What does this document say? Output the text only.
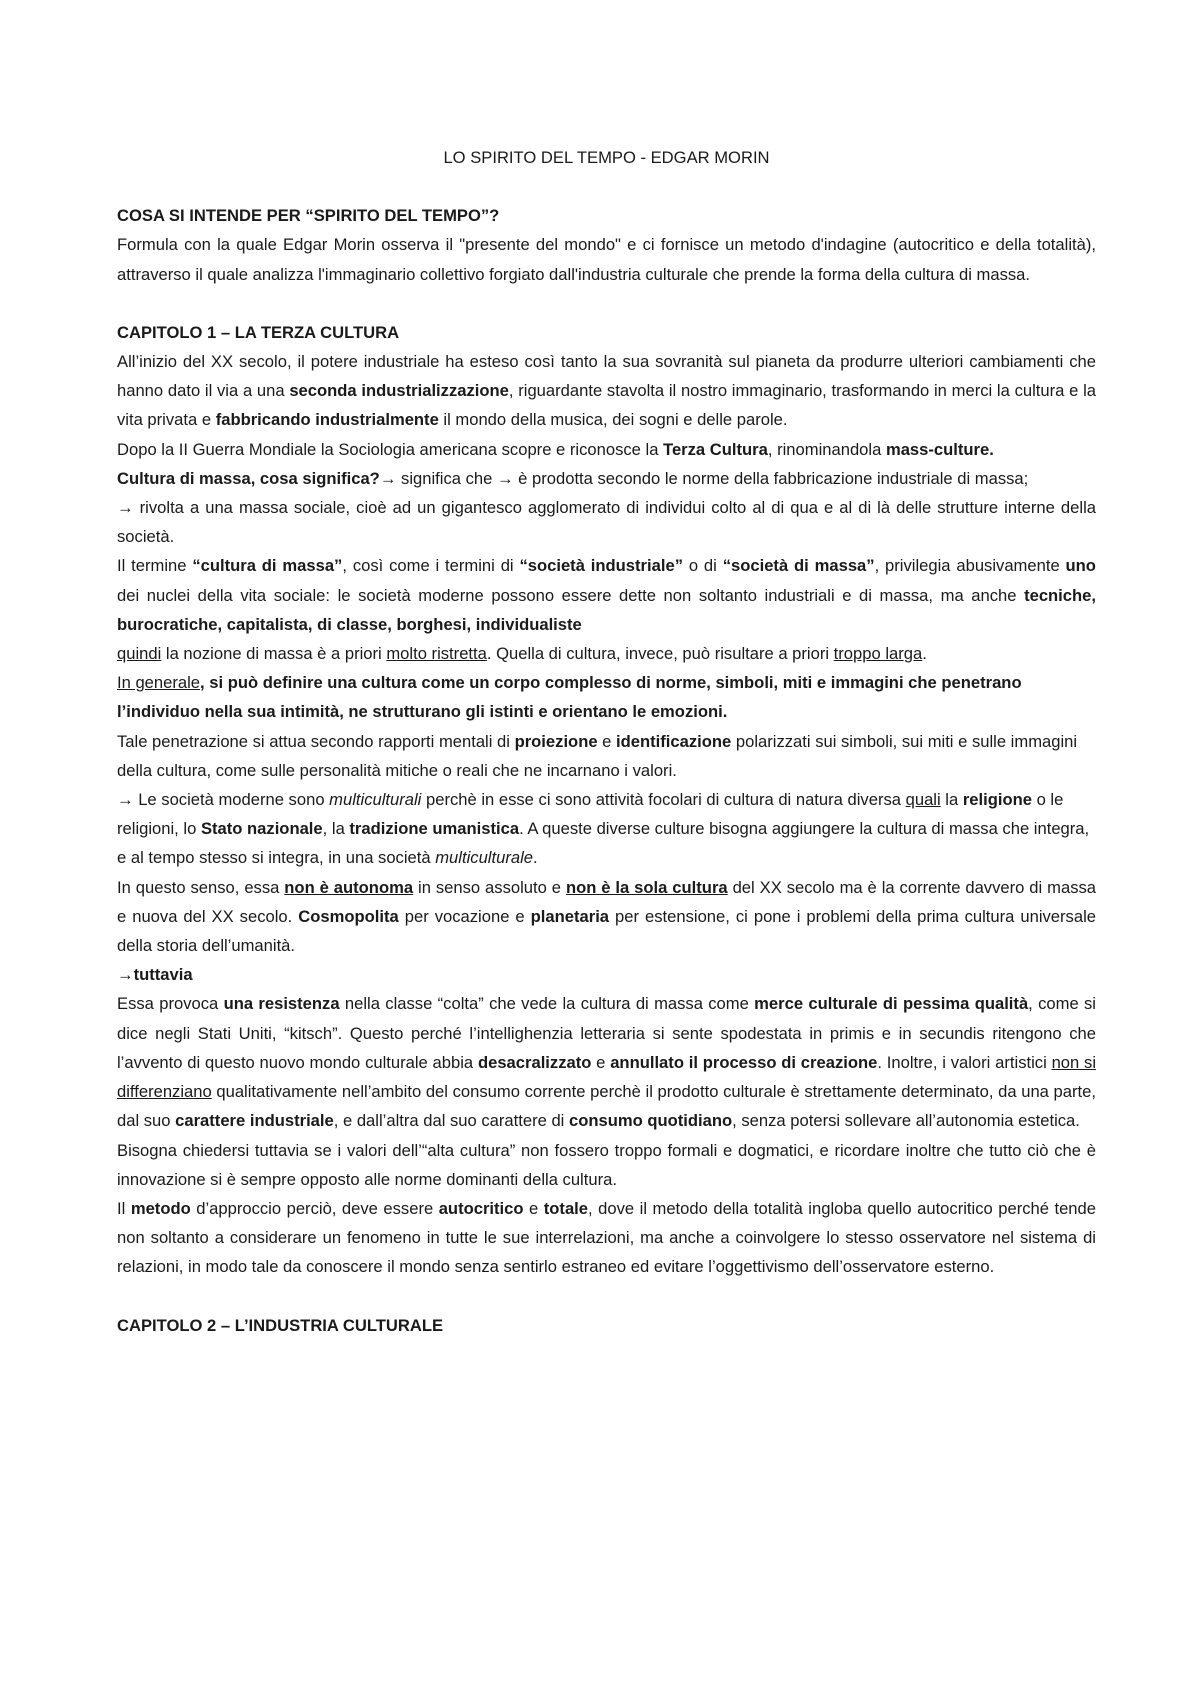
LO SPIRITO DEL TEMPO - EDGAR MORIN

COSA SI INTENDE PER “SPIRITO DEL TEMPO”?

Formula con la quale Edgar Morin osserva il "presente del mondo" e ci fornisce un metodo d'indagine (autocritico e della totalità), attraverso il quale analizza l'immaginario collettivo forgiato dall'industria culturale che prende la forma della cultura di massa.

CAPITOLO 1 – LA TERZA CULTURA

All’inizio del XX secolo, il potere industriale ha esteso così tanto la sua sovranità sul pianeta da produrre ulteriori cambiamenti che hanno dato il via a una seconda industrializzazione, riguardante stavolta il nostro immaginario, trasformando in merci la cultura e la vita privata e fabbricando industrialmente il mondo della musica, dei sogni e delle parole.

Dopo la II Guerra Mondiale la Sociologia americana scopre e riconosce la Terza Cultura, rinominandola mass-culture.

Cultura di massa, cosa significa?→ significa che → è prodotta secondo le norme della fabbricazione industriale di massa;

→ rivolta a una massa sociale, cioè ad un gigantesco agglomerato di individui colto al di qua e al di là delle strutture interne della società.

Il termine “cultura di massa”, così come i termini di “società industriale” o di “società di massa”, privilegia abusivamente uno dei nuclei della vita sociale: le società moderne possono essere dette non soltanto industriali e di massa, ma anche tecniche, burocratiche, capitalista, di classe, borghesi, individualiste
quindi la nozione di massa è a priori molto ristretta. Quella di cultura, invece, può risultare a priori troppo larga.

In generale, si può definire una cultura come un corpo complesso di norme, simboli, miti e immagini che penetrano l’individuo nella sua intimità, ne strutturano gli istinti e orientano le emozioni.

Tale penetrazione si attua secondo rapporti mentali di proiezione e identificazione polarizzati sui simboli, sui miti e sulle immagini della cultura, come sulle personalità mitiche o reali che ne incarnano i valori.

→ Le società moderne sono multiculturali perchè in esse ci sono attività focolari di cultura di natura diversa quali la religione o le religioni, lo Stato nazionale, la tradizione umanistica. A queste diverse culture bisogna aggiungere la cultura di massa che integra, e al tempo stesso si integra, in una società multiculturale.

In questo senso, essa non è autonoma in senso assoluto e non è la sola cultura del XX secolo ma è la corrente davvero di massa e nuova del XX secolo. Cosmopolita per vocazione e planetaria per estensione, ci pone i problemi della prima cultura universale della storia dell’umanità.

→tuttavia

Essa provoca una resistenza nella classe “colta” che vede la cultura di massa come merce culturale di pessima qualità, come si dice negli Stati Uniti, “kitsch”. Questo perché l’intellighenzia letteraria si sente spodestata in primis e in secundis ritengono che l’avvento di questo nuovo mondo culturale abbia desacralizzato e annullato il processo di creazione. Inoltre, i valori artistici non si differenziano qualitativamente nell’ambito del consumo corrente perchè il prodotto culturale è strettamente determinato, da una parte, dal suo carattere industriale, e dall’altra dal suo carattere di consumo quotidiano, senza potersi sollevare all’autonomia estetica.

Bisogna chiedersi tuttavia se i valori dell’“alta cultura” non fossero troppo formali e dogmatici, e ricordare inoltre che tutto ciò che è innovazione si è sempre opposto alle norme dominanti della cultura.

Il metodo d’approccio perciò, deve essere autocritico e totale, dove il metodo della totalità ingloba quello autocritico perché tende non soltanto a considerare un fenomeno in tutte le sue interrelazioni, ma anche a coinvolgere lo stesso osservatore nel sistema di relazioni, in modo tale da conoscere il mondo senza sentirlo estraneo ed evitare l’oggettivismo dell’osservatore esterno.

CAPITOLO 2 – L’INDUSTRIA CULTURALE
